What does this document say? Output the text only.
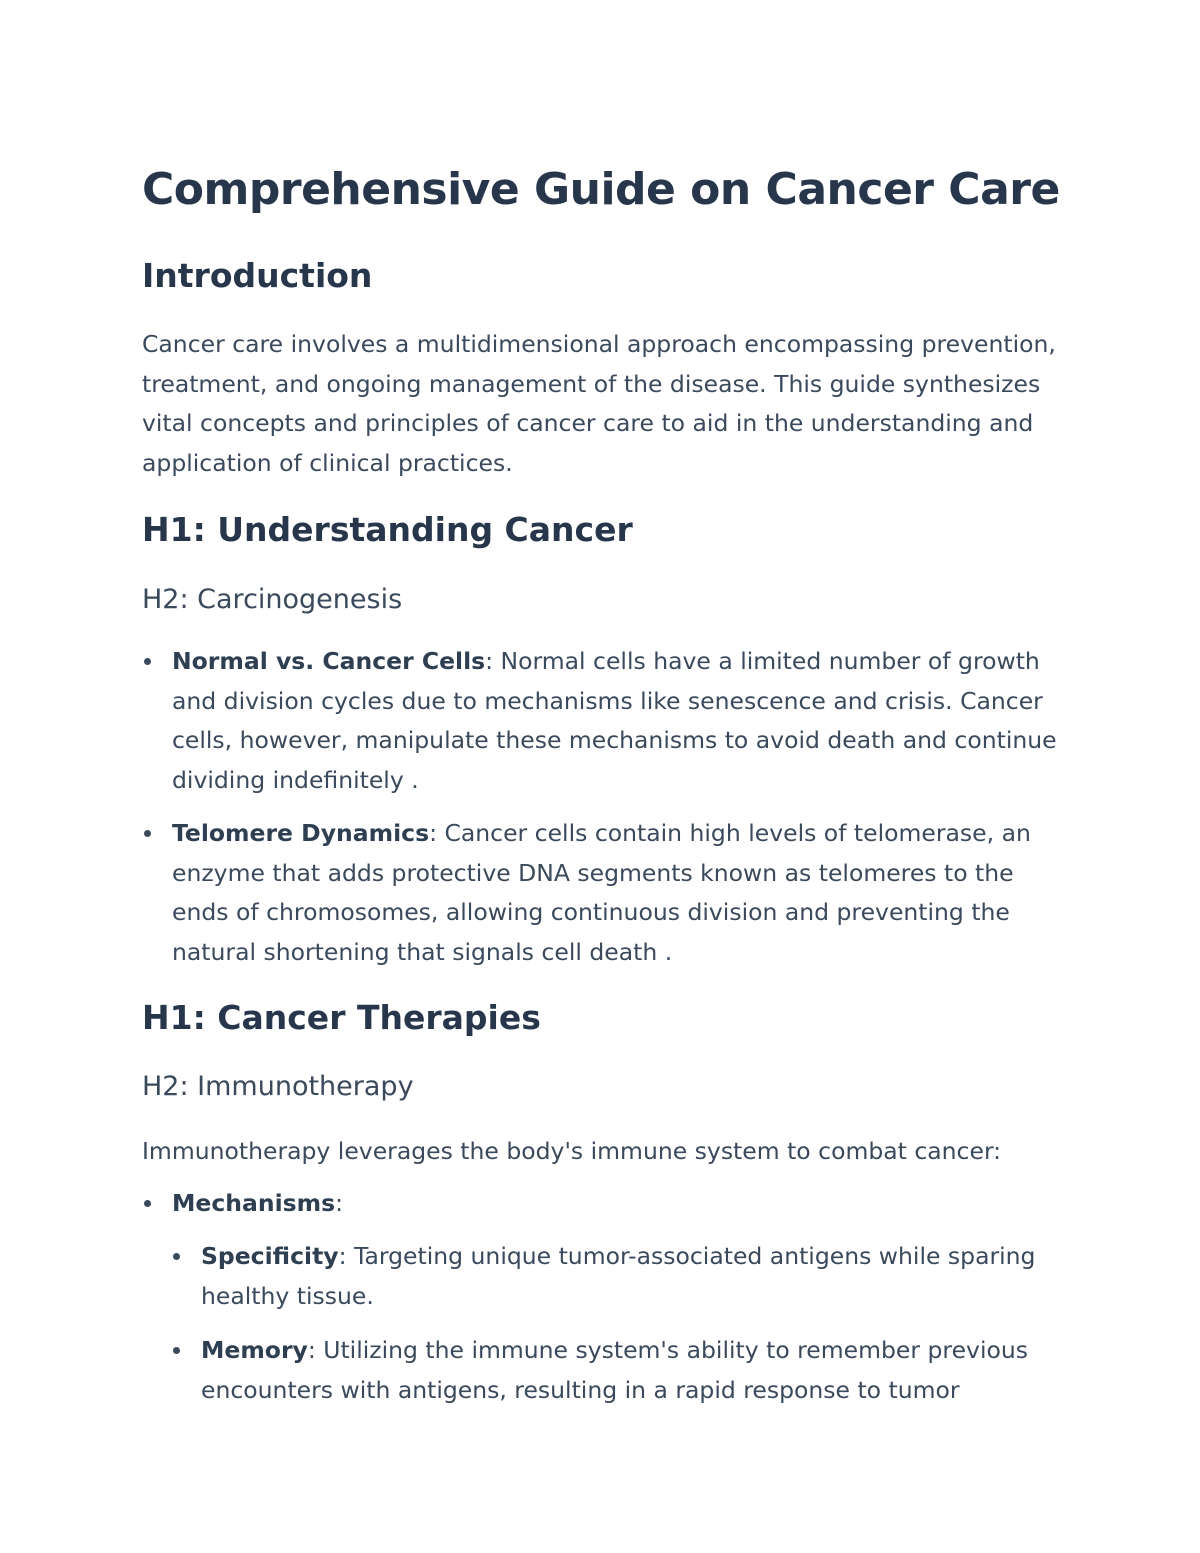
Comprehensive Guide on Cancer Care
Introduction

Cancer care involves a multidimensional approach encompassing prevention, treatment, and ongoing management of the disease. This guide synthesizes vital concepts and principles of cancer care to aid in the understanding and application of clinical practices.

H1: Understanding Cancer
H2: Carcinogenesis
Normal vs. Cancer Cells: Normal cells have a limited number of growth and division cycles due to mechanisms like senescence and crisis. Cancer cells, however, manipulate these mechanisms to avoid death and continue dividing indefinitely .
Telomere Dynamics: Cancer cells contain high levels of telomerase, an enzyme that adds protective DNA segments known as telomeres to the ends of chromosomes, allowing continuous division and preventing the natural shortening that signals cell death .
H1: Cancer Therapies
H2: Immunotherapy

Immunotherapy leverages the body's immune system to combat cancer:

Mechanisms:
Specificity: Targeting unique tumor-associated antigens while sparing healthy tissue.
Memory: Utilizing the immune system's ability to remember previous encounters with antigens, resulting in a rapid response to tumor
